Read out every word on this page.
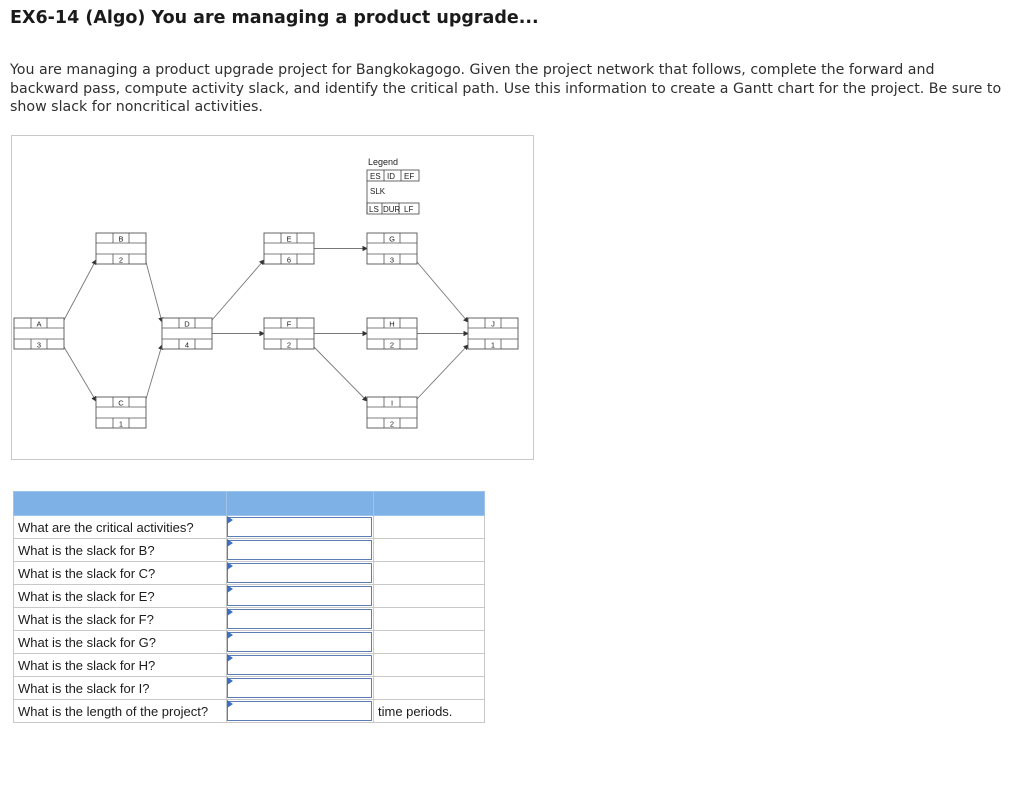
EX6-14 (Algo) You are managing a product upgrade...

You are managing a product upgrade project for Bangkokagogo. Given the project network that follows, complete the forward and backward pass, compute activity slack, and identify the critical path. Use this information to create a Gantt chart for the project. Be sure to show slack for noncritical activities.

A
3
B
2
C
1
D
4
E
6
F
2
G
3
H
2
I
2
J
1
Legend
ES ID EF
SLK
LS DUR LF

What are the critical activities?	

What is the slack for B?	

What is the slack for C?	

What is the slack for E?	

What is the slack for F?	

What is the slack for G?	

What is the slack for H?	

What is the slack for I?	

What is the length of the project?		time periods.
